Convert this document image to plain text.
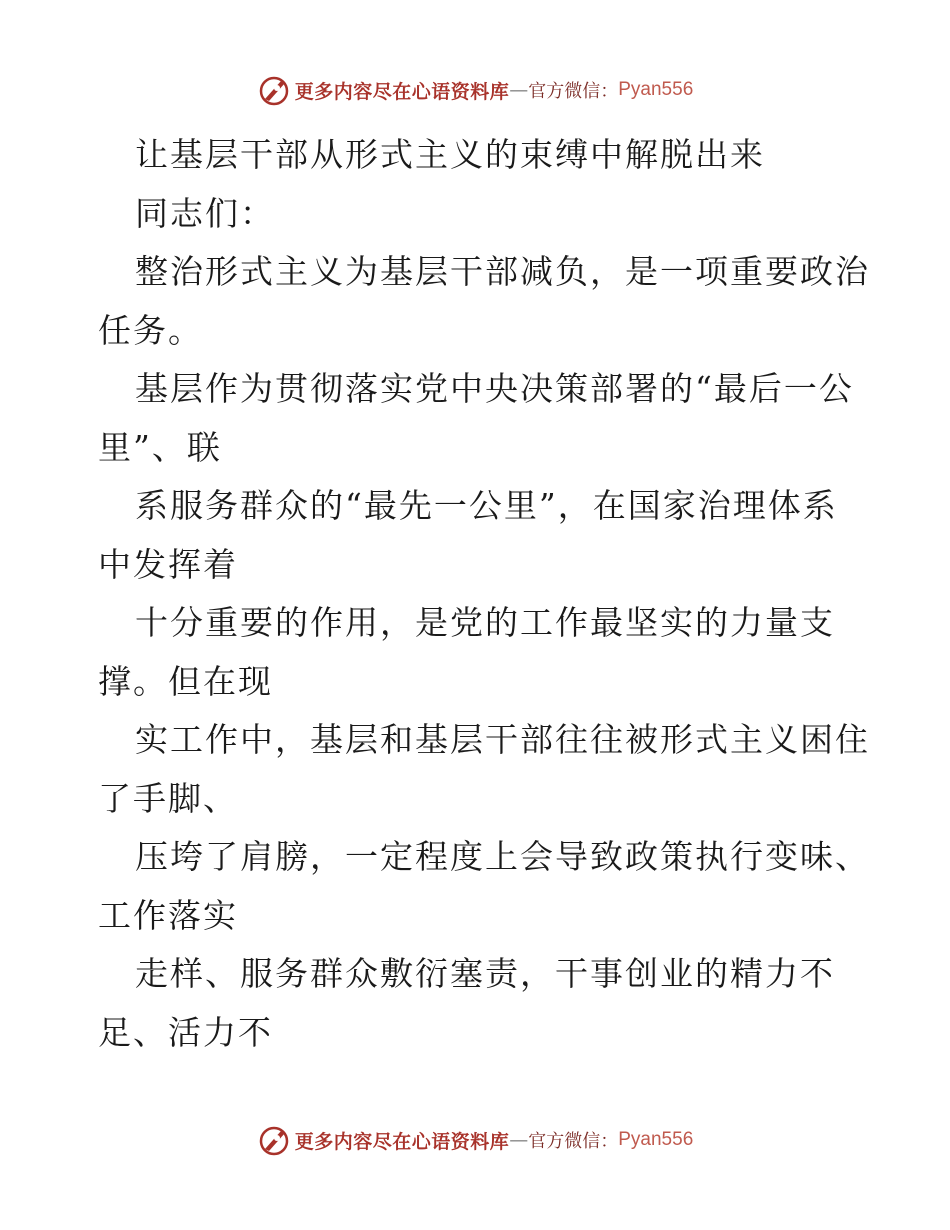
更多内容尽在心语资料库 — 官方微信： Pyan556
让基层干部从形式主义的束缚中解脱出来
同志们：
整治形式主义为基层干部减负，是一项重要政治
任务。
基层作为贯彻落实党中央决策部署的“最后一公
里”、联
系服务群众的“最先一公里”，在国家治理体系
中发挥着
十分重要的作用，是党的工作最坚实的力量支
撑。但在现
实工作中，基层和基层干部往往被形式主义困住
了手脚、
压垮了肩膀，一定程度上会导致政策执行变味、
工作落实
走样、服务群众敷衍塞责，干事创业的精力不
足、活力不
更多内容尽在心语资料库 — 官方微信： Pyan556
